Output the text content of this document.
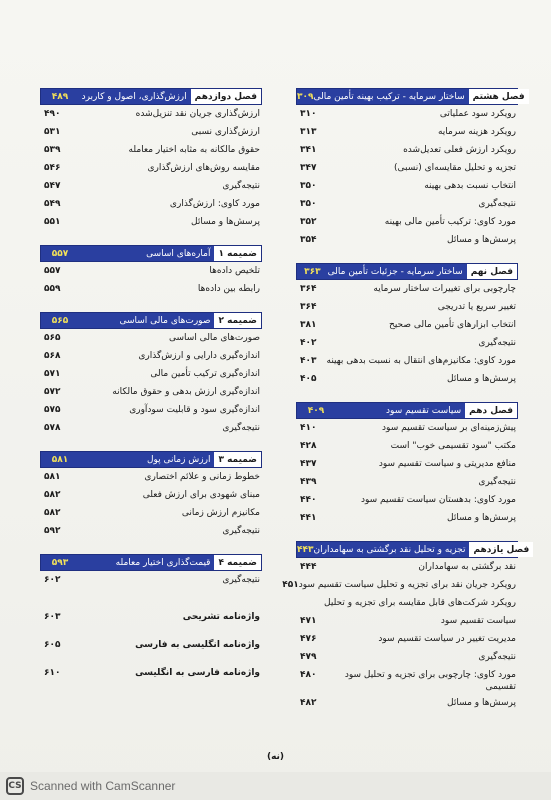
۳۰۹	فصل هشتم
ساختار سرمایه - ترکیب بهینه تأمین مالی
رویکرد سود عملیاتی
۳۱۰
رویکرد هزینه سرمایه
۳۱۳
رویکرد ارزش فعلی تعدیل‌شده
۳۴۱
تجزیه و تحلیل مقایسه‌ای (نسبی)
۳۴۷
انتخاب نسبت بدهی بهینه
۳۵۰
نتیجه‌گیری
۳۵۰
مورد کاوی: ترکیب تأمین مالی بهینه
۳۵۲
پرسش‌ها و مسائل
۳۵۴
۳۶۳	فصل نهم
ساختار سرمایه - جزئیات تأمین مالی
چارچوبی برای تغییرات ساختار سرمایه
۳۶۴
تغییر سریع یا تدریجی
۳۶۴
انتخاب ابزارهای تأمین مالی صحیح
۳۸۱
نتیجه‌گیری
۴۰۲
مورد کاوی: مکانیزم‌های انتقال به نسبت بدهی بهینه
۴۰۳
پرسش‌ها و مسائل
۴۰۵
۴۰۹	فصل دهم
سیاست تقسیم سود
پیش‌زمینه‌ای بر سیاست تقسیم سود
۴۱۰
مکتب "سود تقسیمی خوب" است
۴۲۸
منافع مدیریتی و سیاست تقسیم سود
۴۳۷
نتیجه‌گیری
۴۳۹
مورد کاوی: بدهستان سیاست تقسیم سود
۴۴۰
پرسش‌ها و مسائل
۴۴۱
۴۴۳	فصل یازدهم
تجزیه و تحلیل نقد برگشتی به سهامداران
نقد برگشتی به سهامداران
۴۴۴
رویکرد جریان نقد برای تجزیه و تحلیل سیاست تقسیم سود
۴۵۱
رویکرد شرکت‌های قابل مقایسه برای تجزیه و تحلیل
سیاست تقسیم سود
۴۷۱
مدیریت تغییر در سیاست تقسیم سود
۴۷۶
نتیجه‌گیری
۴۷۹
مورد کاوی: چارچوبی برای تجزیه و تحلیل سود تقسیمی
۴۸۰
پرسش‌ها و مسائل
۴۸۲
۴۸۹	فصل دوازدهم
ارزش‌گذاری، اصول و کاربرد
ارزش‌گذاری جریان نقد تنزیل‌شده
۴۹۰
ارزش‌گذاری نسبی
۵۳۱
حقوق مالکانه به مثابه اختیار معامله
۵۳۹
مقایسه روش‌های ارزش‌گذاری
۵۴۶
نتیجه‌گیری
۵۴۷
مورد کاوی: ارزش‌گذاری
۵۴۹
پرسش‌ها و مسائل
۵۵۱
۵۵۷	ضمیمه ۱
آماره‌های اساسی
تلخیص داده‌ها
۵۵۷
رابطه بین داده‌ها
۵۵۹
۵۶۵	ضمیمه ۲
صورت‌های مالی اساسی
صورت‌های مالی اساسی
۵۶۵
اندازه‌گیری دارایی و ارزش‌گذاری
۵۶۸
اندازه‌گیری ترکیب تأمین مالی
۵۷۱
اندازه‌گیری ارزش بدهی و حقوق مالکانه
۵۷۲
اندازه‌گیری سود و قابلیت سودآوری
۵۷۵
نتیجه‌گیری
۵۷۸
۵۸۱	ضمیمه ۳
ارزش زمانی پول
خطوط زمانی و علائم اختصاری
۵۸۱
مبنای شهودی برای ارزش فعلی
۵۸۲
مکانیزم ارزش زمانی
۵۸۲
نتیجه‌گیری
۵۹۲
۵۹۳	ضمیمه ۴
قیمت‌گذاری اختیار معامله
نتیجه‌گیری
۶۰۲
واژه‌نامه تشریحی
۶۰۳
واژه‌نامه انگلیسی به فارسی
۶۰۵
واژه‌نامه فارسی به انگلیسی
۶۱۰
(نه)
CS Scanned with CamScanner
